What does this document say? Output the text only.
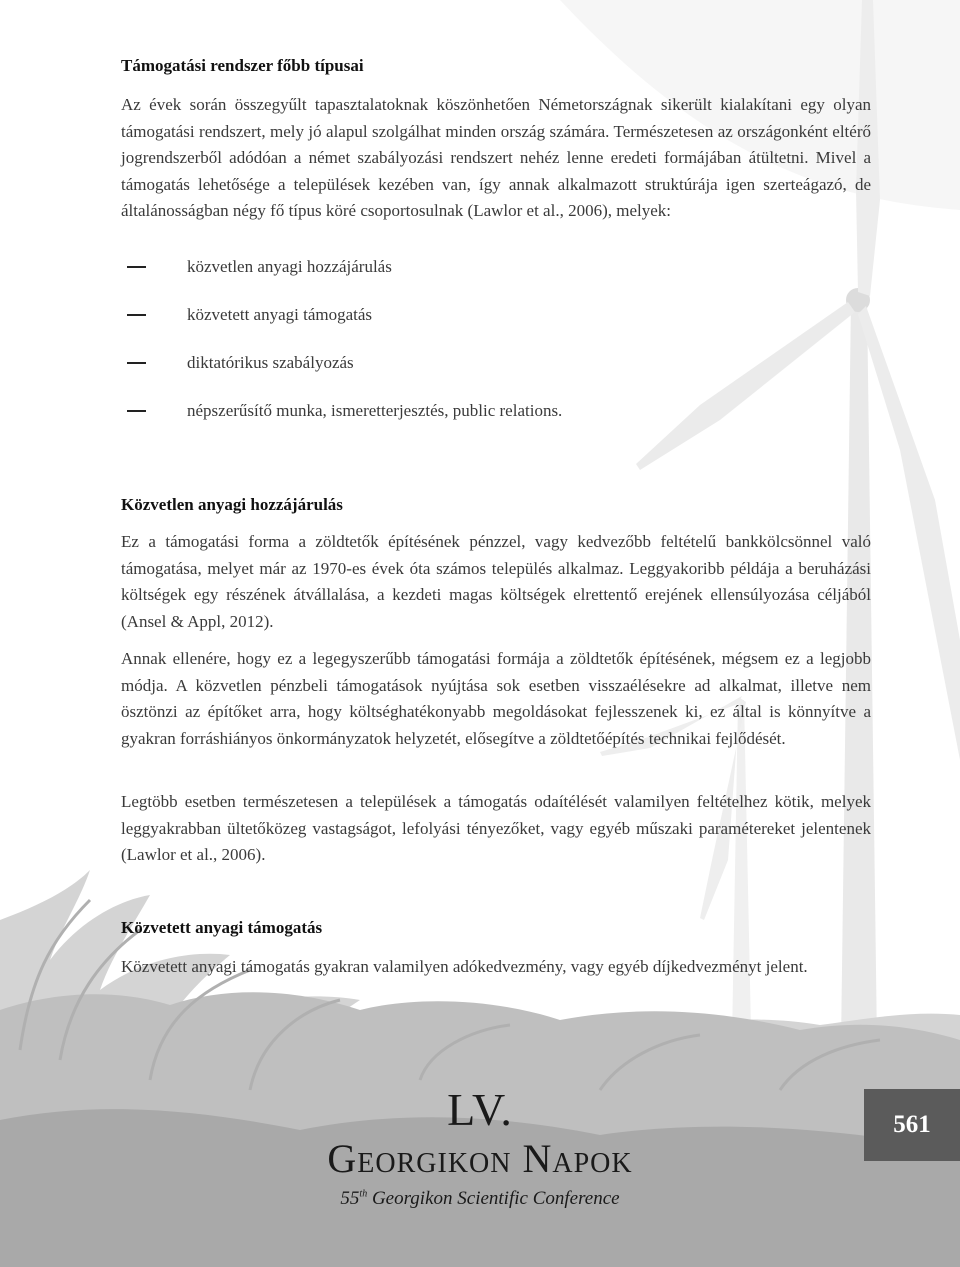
Támogatási rendszer főbb típusai

Az évek során összegyűlt tapasztalatoknak köszönhetően Németországnak sikerült kialakítani egy olyan támogatási rendszert, mely jó alapul szolgálhat minden ország számára. Természetesen az országonként eltérő jogrendszerből adódóan a német szabályozási rendszert nehéz lenne eredeti formájában átültetni. Mivel a támogatás lehetősége a települések kezében van, így annak alkalmazott struktúrája igen szerteágazó, de általánosságban négy fő típus köré csoportosulnak (Lawlor et al., 2006), melyek:

közvetlen anyagi hozzájárulás
közvetett anyagi támogatás
diktatórikus szabályozás
népszerűsítő munka, ismeretterjesztés, public relations.
Közvetlen anyagi hozzájárulás

Ez a támogatási forma a zöldtetők építésének pénzzel, vagy kedvezőbb feltételű bankkölcsönnel való támogatása, melyet már az 1970-es évek óta számos település alkalmaz. Leggyakoribb példája a beruházási költségek egy részének átvállalása, a kezdeti magas költségek elrettentő erejének ellensúlyozása céljából (Ansel & Appl, 2012).

Annak ellenére, hogy ez a legegyszerűbb támogatási formája a zöldtetők építésének, mégsem ez a legjobb módja. A közvetlen pénzbeli támogatások nyújtása sok esetben visszaélésekre ad alkalmat, illetve nem ösztönzi az építőket arra, hogy költséghatékonyabb megoldásokat fejlesszenek ki, ez által is könnyítve a gyakran forráshiányos önkormányzatok helyzetét, elősegítve a zöldtetőépítés technikai fejlődését.

Legtöbb esetben természetesen a települések a támogatás odaítélését valamilyen feltételhez kötik, melyek leggyakrabban ültetőközeg vastagságot, lefolyási tényezőket, vagy egyéb műszaki paramétereket jelentenek (Lawlor et al., 2006).

Közvetett anyagi támogatás

Közvetett anyagi támogatás gyakran valamilyen adókedvezmény, vagy egyéb díjkedvezményt jelent.

LV.
Georgikon Napok
55th Georgikon Scientific Conference
561
